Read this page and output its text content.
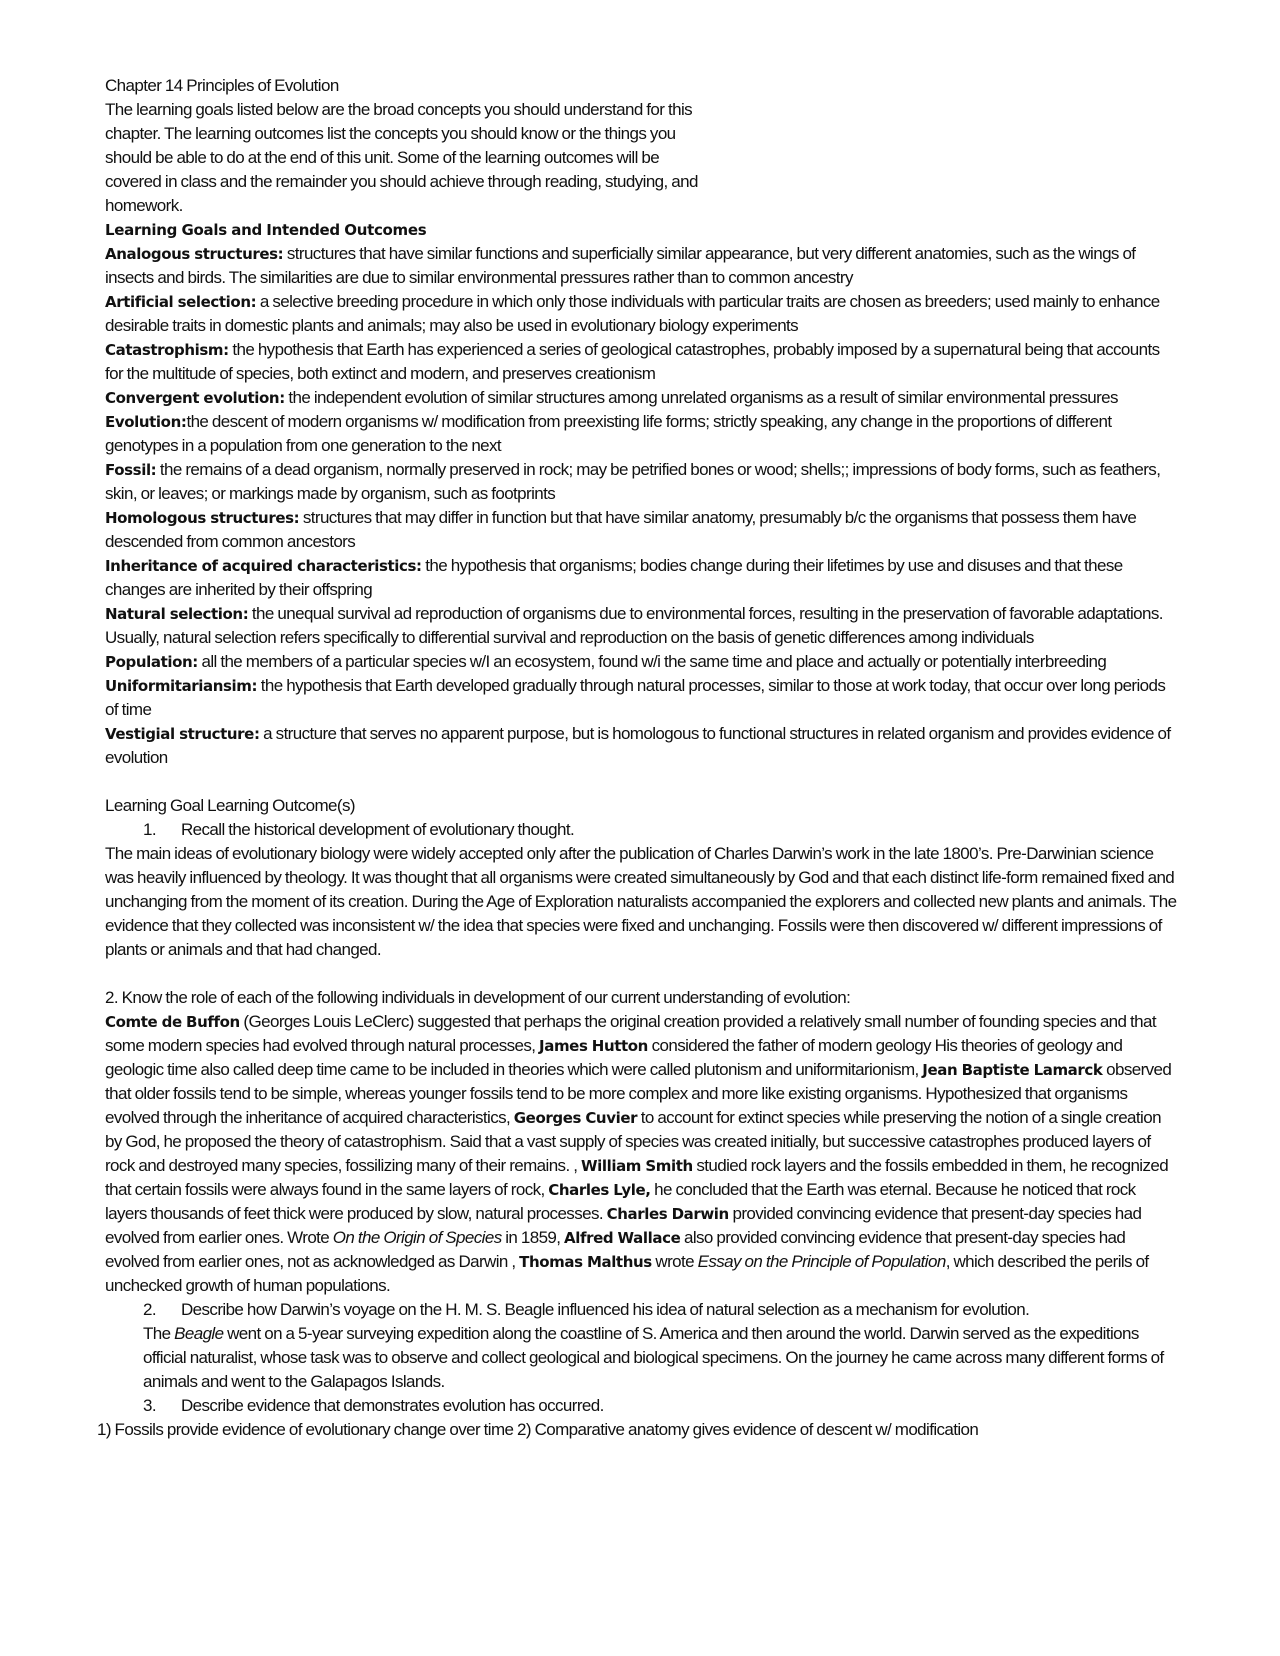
Chapter 14 Principles of Evolution

The learning goals listed below are the broad concepts you should understand for this chapter. The learning outcomes list the concepts you should know or the things you should be able to do at the end of this unit. Some of the learning outcomes will be covered in class and the remainder you should achieve through reading, studying, and homework.

Learning Goals and Intended Outcomes

Analogous structures: structures that have similar functions and superficially similar appearance, but very different anatomies, such as the wings of insects and birds. The similarities are due to similar environmental pressures rather than to common ancestry

Artificial selection: a selective breeding procedure in which only those individuals with particular traits are chosen as breeders; used mainly to enhance desirable traits in domestic plants and animals; may also be used in evolutionary biology experiments

Catastrophism: the hypothesis that Earth has experienced a series of geological catastrophes, probably imposed by a supernatural being that accounts for the multitude of species, both extinct and modern, and preserves creationism

Convergent evolution: the independent evolution of similar structures among unrelated organisms as a result of similar environmental pressures

Evolution:the descent of modern organisms w/ modification from preexisting life forms; strictly speaking, any change in the proportions of different genotypes in a population from one generation to the next

Fossil: the remains of a dead organism, normally preserved in rock; may be petrified bones or wood; shells;; impressions of body forms, such as feathers, skin, or leaves; or markings made by organism, such as footprints

Homologous structures: structures that may differ in function but that have similar anatomy, presumably b/c the organisms that possess them have descended from common ancestors

Inheritance of acquired characteristics: the hypothesis that organisms; bodies change during their lifetimes by use and disuses and that these changes are inherited by their offspring

Natural selection: the unequal survival ad reproduction of organisms due to environmental forces, resulting in the preservation of favorable adaptations. Usually, natural selection refers specifically to differential survival and reproduction on the basis of genetic differences among individuals

Population: all the members of a particular species w/I an ecosystem, found w/i the same time and place and actually or potentially interbreeding

Uniformitariansim: the hypothesis that Earth developed gradually through natural processes, similar to those at work today, that occur over long periods of time

Vestigial structure: a structure that serves no apparent purpose, but is homologous to functional structures in related organism and provides evidence of evolution

Learning Goal Learning Outcome(s)

1.	Recall the historical development of evolutionary thought.

The main ideas of evolutionary biology were widely accepted only after the publication of Charles Darwin’s work in the late 1800’s. Pre-Darwinian science was heavily influenced by theology. It was thought that all organisms were created simultaneously by God and that each distinct life-form remained fixed and unchanging from the moment of its creation. During the Age of Exploration naturalists accompanied the explorers and collected new plants and animals. The evidence that they collected was inconsistent w/ the idea that species were fixed and unchanging. Fossils were then discovered w/ different impressions of plants or animals and that had changed.

2. Know the role of each of the following individuals in development of our current understanding of evolution:

Comte de Buffon (Georges Louis LeClerc) suggested that perhaps the original creation provided a relatively small number of founding species and that some modern species had evolved through natural processes, James Hutton considered the father of modern geology His theories of geology and geologic time also called deep time came to be included in theories which were called plutonism and uniformitarionism, Jean Baptiste Lamarck observed that older fossils tend to be simple, whereas younger fossils tend to be more complex and more like existing organisms. Hypothesized that organisms evolved through the inheritance of acquired characteristics, Georges Cuvier to account for extinct species while preserving the notion of a single creation by God, he proposed the theory of catastrophism. Said that a vast supply of species was created initially, but successive catastrophes produced layers of rock and destroyed many species, fossilizing many of their remains. , William Smith studied rock layers and the fossils embedded in them, he recognized that certain fossils were always found in the same layers of rock, Charles Lyle, he concluded that the Earth was eternal. Because he noticed that rock layers thousands of feet thick were produced by slow, natural processes. Charles Darwin provided convincing evidence that present-day species had evolved from earlier ones. Wrote On the Origin of Species in 1859, Alfred Wallace also provided convincing evidence that present-day species had evolved from earlier ones, not as acknowledged as Darwin , Thomas Malthus wrote Essay on the Principle of Population, which described the perils of unchecked growth of human populations.

2.	Describe how Darwin’s voyage on the H. M. S. Beagle influenced his idea of natural selection as a mechanism for evolution.

The Beagle went on a 5-year surveying expedition along the coastline of S. America and then around the world. Darwin served as the expeditions official naturalist, whose task was to observe and collect geological and biological specimens. On the journey he came across many different forms of animals and went to the Galapagos Islands.

3.	Describe evidence that demonstrates evolution has occurred.

1) Fossils provide evidence of evolutionary change over time 2) Comparative anatomy gives evidence of descent w/ modification
